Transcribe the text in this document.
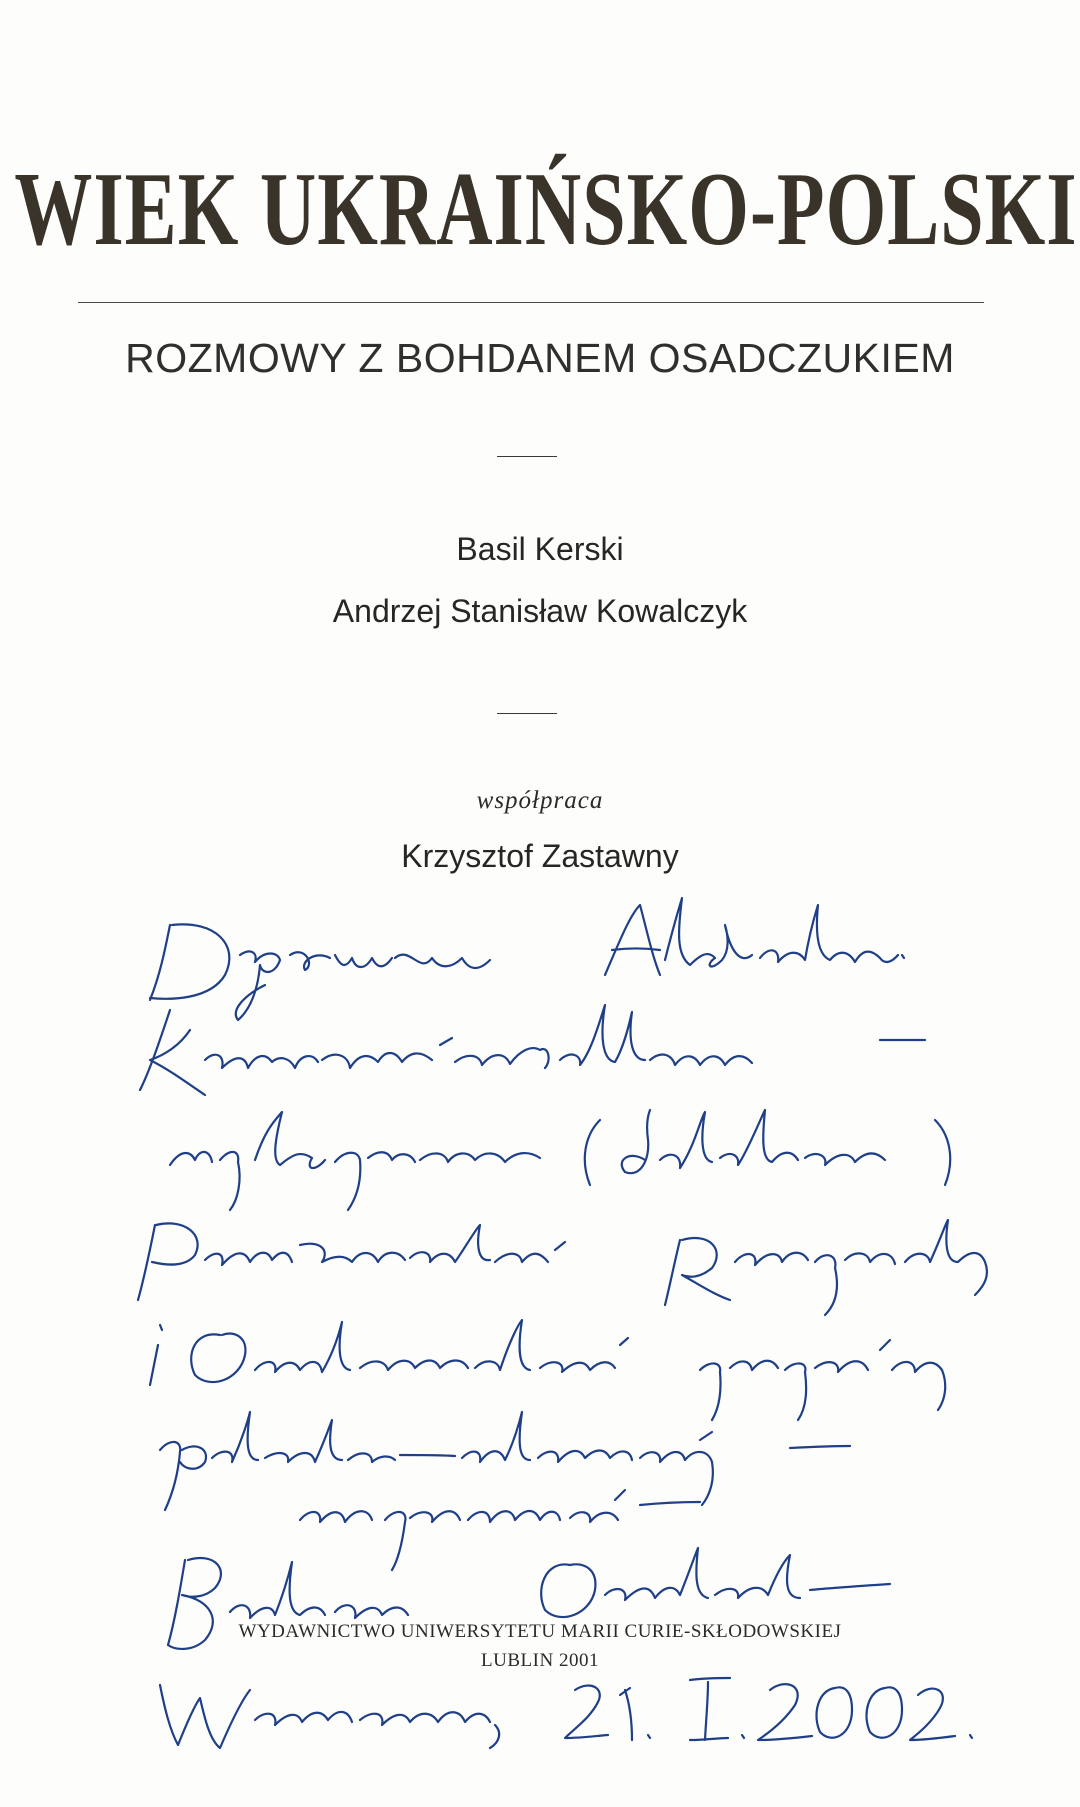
WIEK UKRAIŃSKO-POLSKI
ROZMOWY Z BOHDANEM OSADCZUKIEM
Basil Kerski
Andrzej Stanisław Kowalczyk
współpraca
Krzysztof Zastawny
WYDAWNICTWO UNIWERSYTETU MARII CURIE-SKŁODOWSKIEJ
LUBLIN 2001
